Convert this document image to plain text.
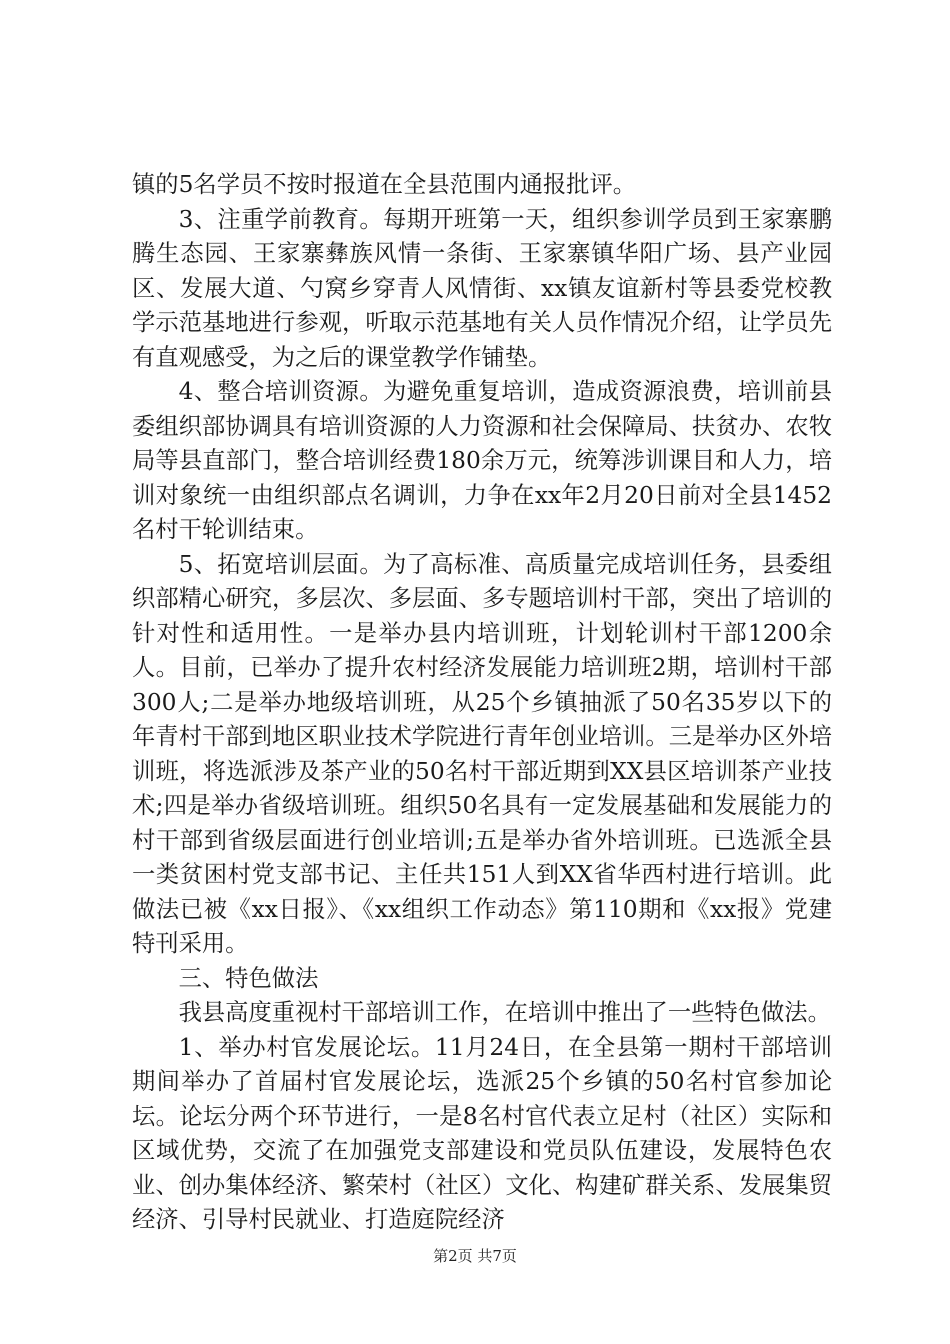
镇的5名学员不按时报道在全县范围内通报批评。

3、注重学前教育。每期开班第一天，组织参训学员到王家寨鹏腾生态园、王家寨彝族风情一条街、王家寨镇华阳广场、县产业园区、发展大道、勺窝乡穿青人风情街、xx镇友谊新村等县委党校教学示范基地进行参观，听取示范基地有关人员作情况介绍，让学员先有直观感受，为之后的课堂教学作铺垫。

4、整合培训资源。为避免重复培训，造成资源浪费，培训前县委组织部协调具有培训资源的人力资源和社会保障局、扶贫办、农牧局等县直部门，整合培训经费180余万元，统筹涉训课目和人力，培训对象统一由组织部点名调训，力争在xx年2月20日前对全县1452名村干轮训结束。

5、拓宽培训层面。为了高标准、高质量完成培训任务，县委组织部精心研究，多层次、多层面、多专题培训村干部，突出了培训的针对性和适用性。一是举办县内培训班，计划轮训村干部1200余人。目前，已举办了提升农村经济发展能力培训班2期，培训村干部300人;二是举办地级培训班，从25个乡镇抽派了50名35岁以下的年青村干部到地区职业技术学院进行青年创业培训。三是举办区外培训班，将选派涉及茶产业的50名村干部近期到XX县区培训茶产业技术;四是举办省级培训班。组织50名具有一定发展基础和发展能力的村干部到省级层面进行创业培训;五是举办省外培训班。已选派全县一类贫困村党支部书记、主任共151人到XX省华西村进行培训。此做法已被《xx日报》、《xx组织工作动态》第110期和《xx报》党建特刊采用。

三、特色做法

我县高度重视村干部培训工作，在培训中推出了一些特色做法。

1、举办村官发展论坛。11月24日，在全县第一期村干部培训期间举办了首届村官发展论坛，选派25个乡镇的50名村官参加论坛。论坛分两个环节进行，一是8名村官代表立足村（社区）实际和区域优势，交流了在加强党支部建设和党员队伍建设，发展特色农业、创办集体经济、繁荣村（社区）文化、构建矿群关系、发展集贸经济、引导村民就业、打造庭院经济

第2页 共7页
